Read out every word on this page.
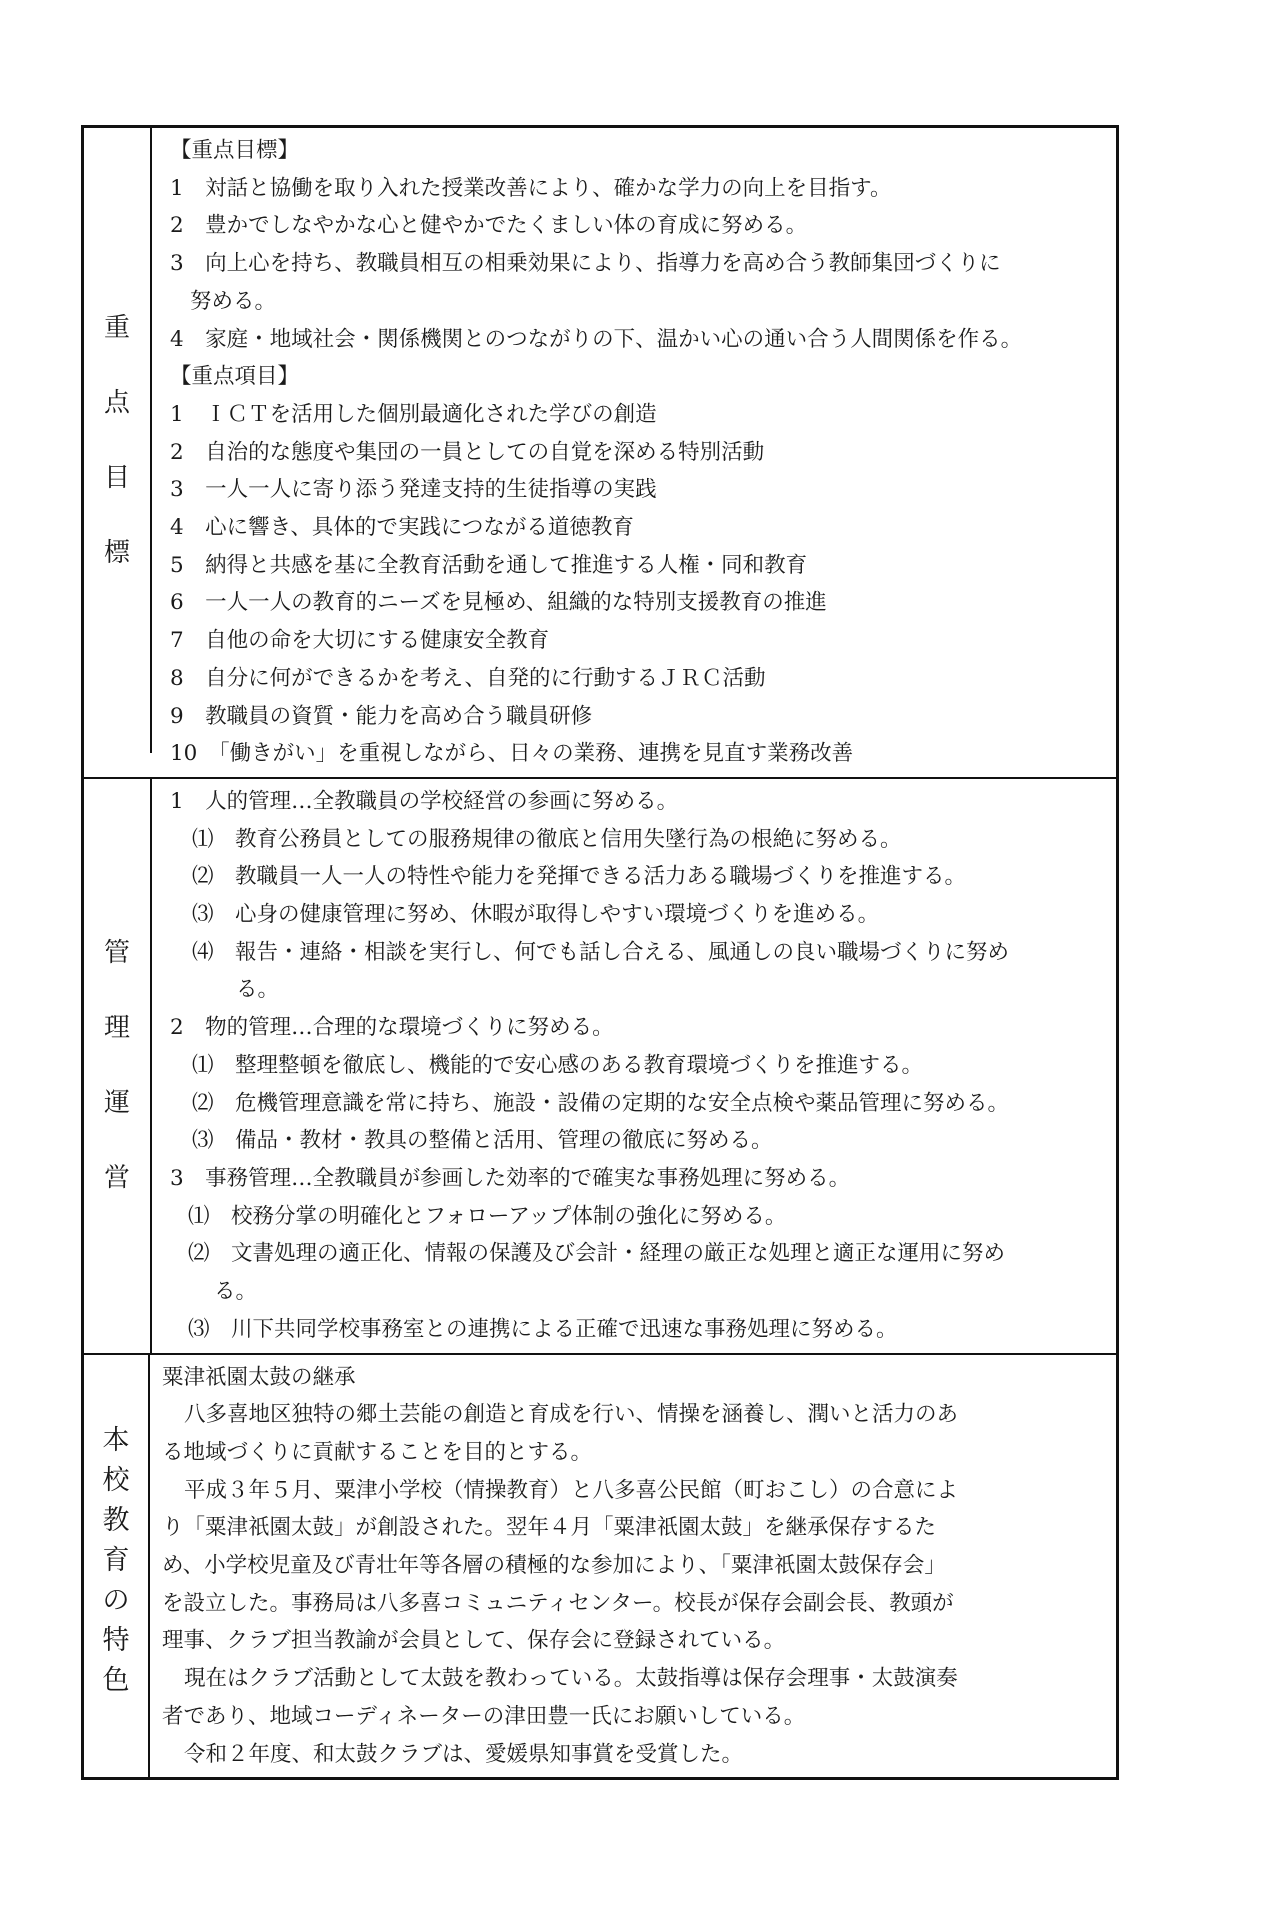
重
点
目
標
【重点目標】
1　対話と協働を取り入れた授業改善により、確かな学力の向上を目指す。
2　豊かでしなやかな心と健やかでたくましい体の育成に努める。
3　向上心を持ち、教職員相互の相乗効果により、指導力を高め合う教師集団づくりに
努める。
4　家庭・地域社会・関係機関とのつながりの下、温かい心の通い合う人間関係を作る。
【重点項目】
1　ＩＣＴを活用した個別最適化された学びの創造
2　自治的な態度や集団の一員としての自覚を深める特別活動
3　一人一人に寄り添う発達支持的生徒指導の実践
4　心に響き、具体的で実践につながる道徳教育
5　納得と共感を基に全教育活動を通して推進する人権・同和教育
6　一人一人の教育的ニーズを見極め、組織的な特別支援教育の推進
7　自他の命を大切にする健康安全教育
8　自分に何ができるかを考え、自発的に行動するＪＲＣ活動
9　教職員の資質・能力を高め合う職員研修
10　「働きがい」を重視しながら、日々の業務、連携を見直す業務改善
管
理
運
営
1　人的管理…全教職員の学校経営の参画に努める。
⑴　教育公務員としての服務規律の徹底と信用失墜行為の根絶に努める。
⑵　教職員一人一人の特性や能力を発揮できる活力ある職場づくりを推進する。
⑶　心身の健康管理に努め、休暇が取得しやすい環境づくりを進める。
⑷　報告・連絡・相談を実行し、何でも話し合える、風通しの良い職場づくりに努め
る。
2　物的管理…合理的な環境づくりに努める。
⑴　整理整頓を徹底し、機能的で安心感のある教育環境づくりを推進する。
⑵　危機管理意識を常に持ち、施設・設備の定期的な安全点検や薬品管理に努める。
⑶　備品・教材・教具の整備と活用、管理の徹底に努める。
3　事務管理…全教職員が参画した効率的で確実な事務処理に努める。
⑴　校務分掌の明確化とフォローアップ体制の強化に努める。
⑵　文書処理の適正化、情報の保護及び会計・経理の厳正な処理と適正な運用に努め
る。
⑶　川下共同学校事務室との連携による正確で迅速な事務処理に努める。
本
校
教
育
の
特
色
粟津祇園太鼓の継承
八多喜地区独特の郷土芸能の創造と育成を行い、情操を涵養し、潤いと活力のあ
る地域づくりに貢献することを目的とする。
平成３年５月、粟津小学校（情操教育）と八多喜公民館（町おこし）の合意によ
り「粟津祇園太鼓」が創設された。翌年４月「粟津祇園太鼓」を継承保存するた
め、小学校児童及び青壮年等各層の積極的な参加により、「粟津祇園太鼓保存会」
を設立した。事務局は八多喜コミュニティセンター。校長が保存会副会長、教頭が
理事、クラブ担当教諭が会員として、保存会に登録されている。
現在はクラブ活動として太鼓を教わっている。太鼓指導は保存会理事・太鼓演奏
者であり、地域コーディネーターの津田豊一氏にお願いしている。
令和２年度、和太鼓クラブは、愛媛県知事賞を受賞した。
